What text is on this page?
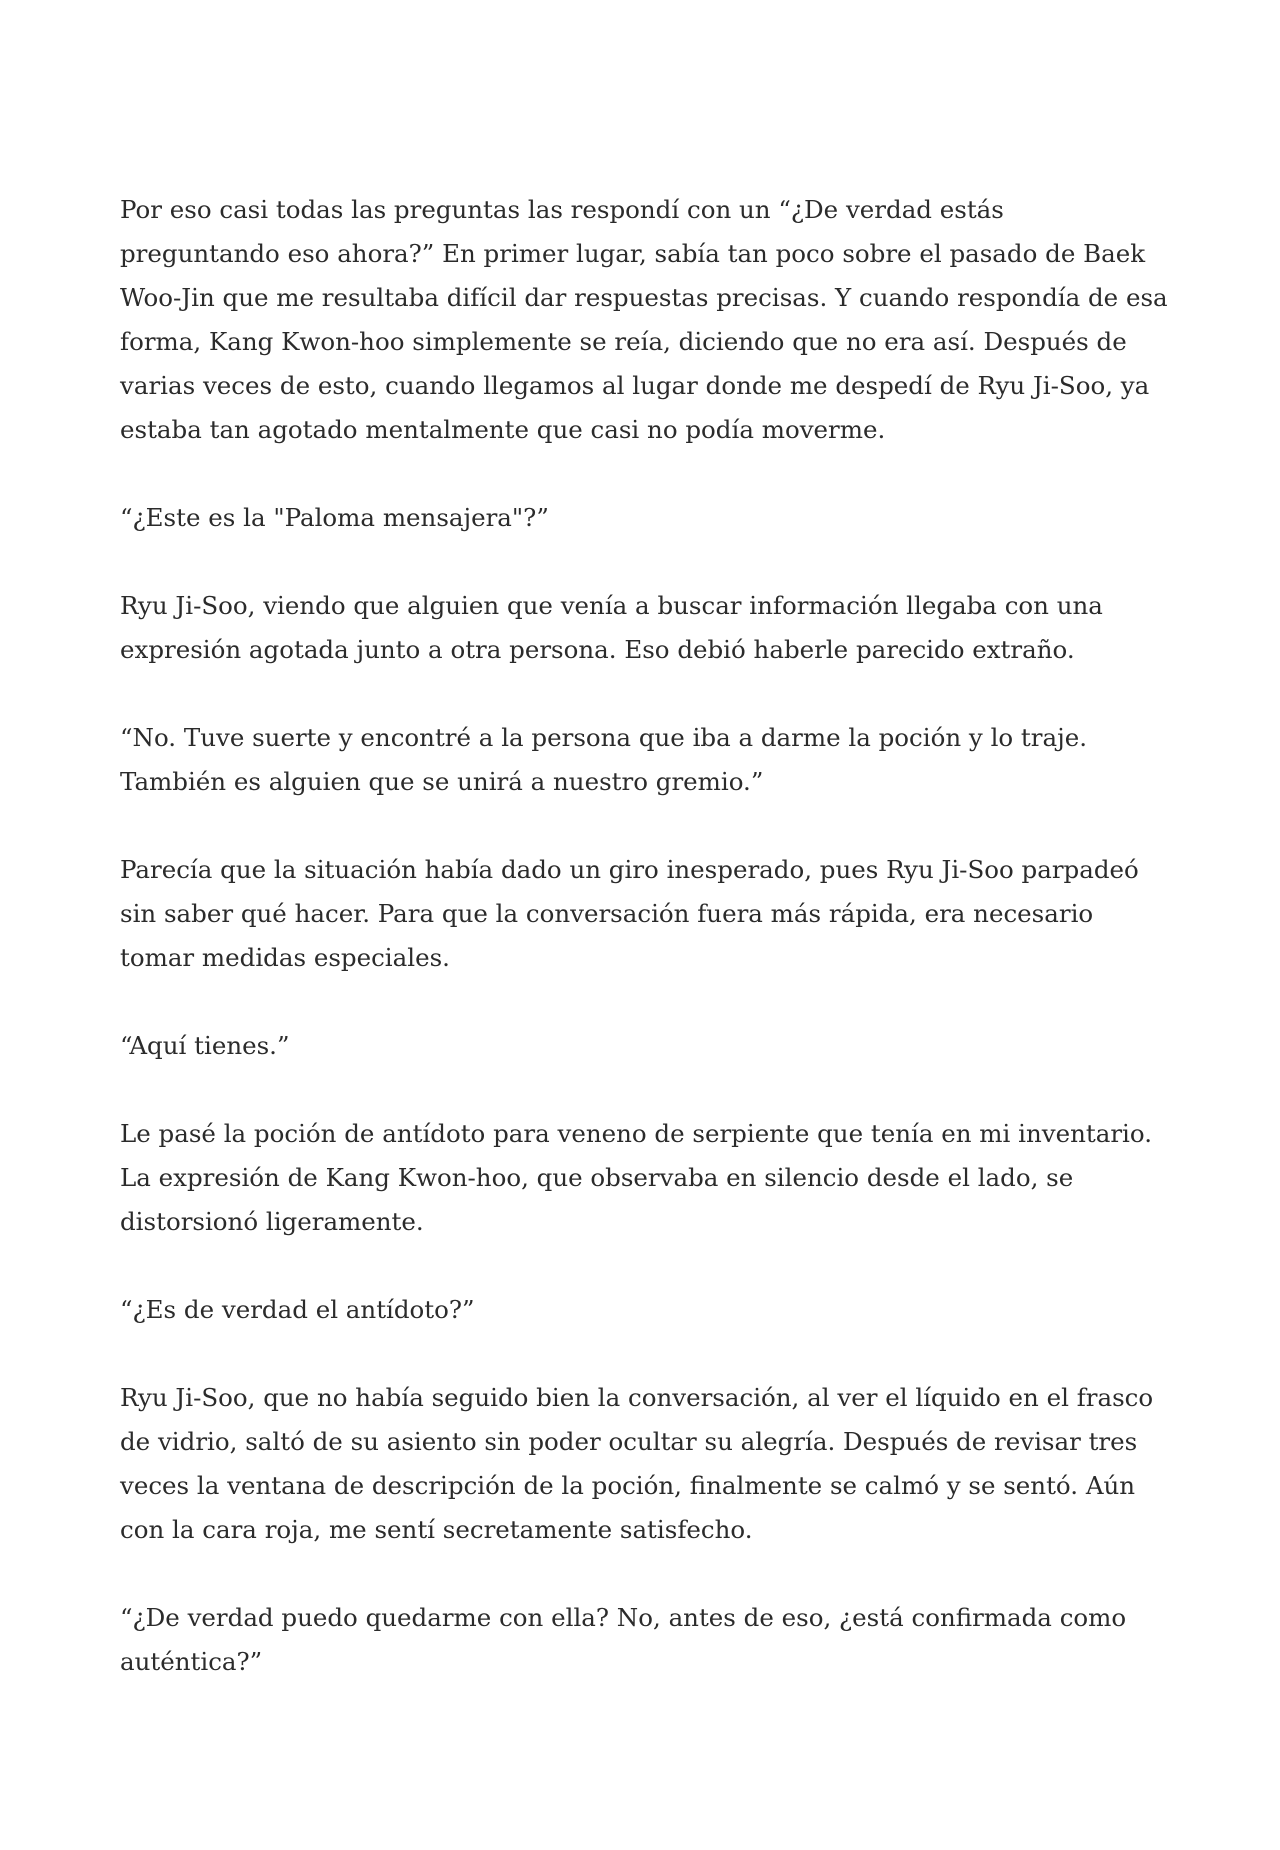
Por eso casi todas las preguntas las respondí con un “¿De verdad estás preguntando eso ahora?” En primer lugar, sabía tan poco sobre el pasado de Baek Woo-Jin que me resultaba difícil dar respuestas precisas. Y cuando respondía de esa forma, Kang Kwon-hoo simplemente se reía, diciendo que no era así. Después de varias veces de esto, cuando llegamos al lugar donde me despedí de Ryu Ji-Soo, ya estaba tan agotado mentalmente que casi no podía moverme.

“¿Este es la "Paloma mensajera"?”

Ryu Ji-Soo, viendo que alguien que venía a buscar información llegaba con una expresión agotada junto a otra persona. Eso debió haberle parecido extraño.

“No. Tuve suerte y encontré a la persona que iba a darme la poción y lo traje. También es alguien que se unirá a nuestro gremio.”

Parecía que la situación había dado un giro inesperado, pues Ryu Ji-Soo parpadeó sin saber qué hacer. Para que la conversación fuera más rápida, era necesario tomar medidas especiales.

“Aquí tienes.”

Le pasé la poción de antídoto para veneno de serpiente que tenía en mi inventario. La expresión de Kang Kwon-hoo, que observaba en silencio desde el lado, se distorsionó ligeramente.

“¿Es de verdad el antídoto?”

Ryu Ji-Soo, que no había seguido bien la conversación, al ver el líquido en el frasco de vidrio, saltó de su asiento sin poder ocultar su alegría. Después de revisar tres veces la ventana de descripción de la poción, finalmente se calmó y se sentó. Aún con la cara roja, me sentí secretamente satisfecho.

“¿De verdad puedo quedarme con ella? No, antes de eso, ¿está confirmada como auténtica?”
